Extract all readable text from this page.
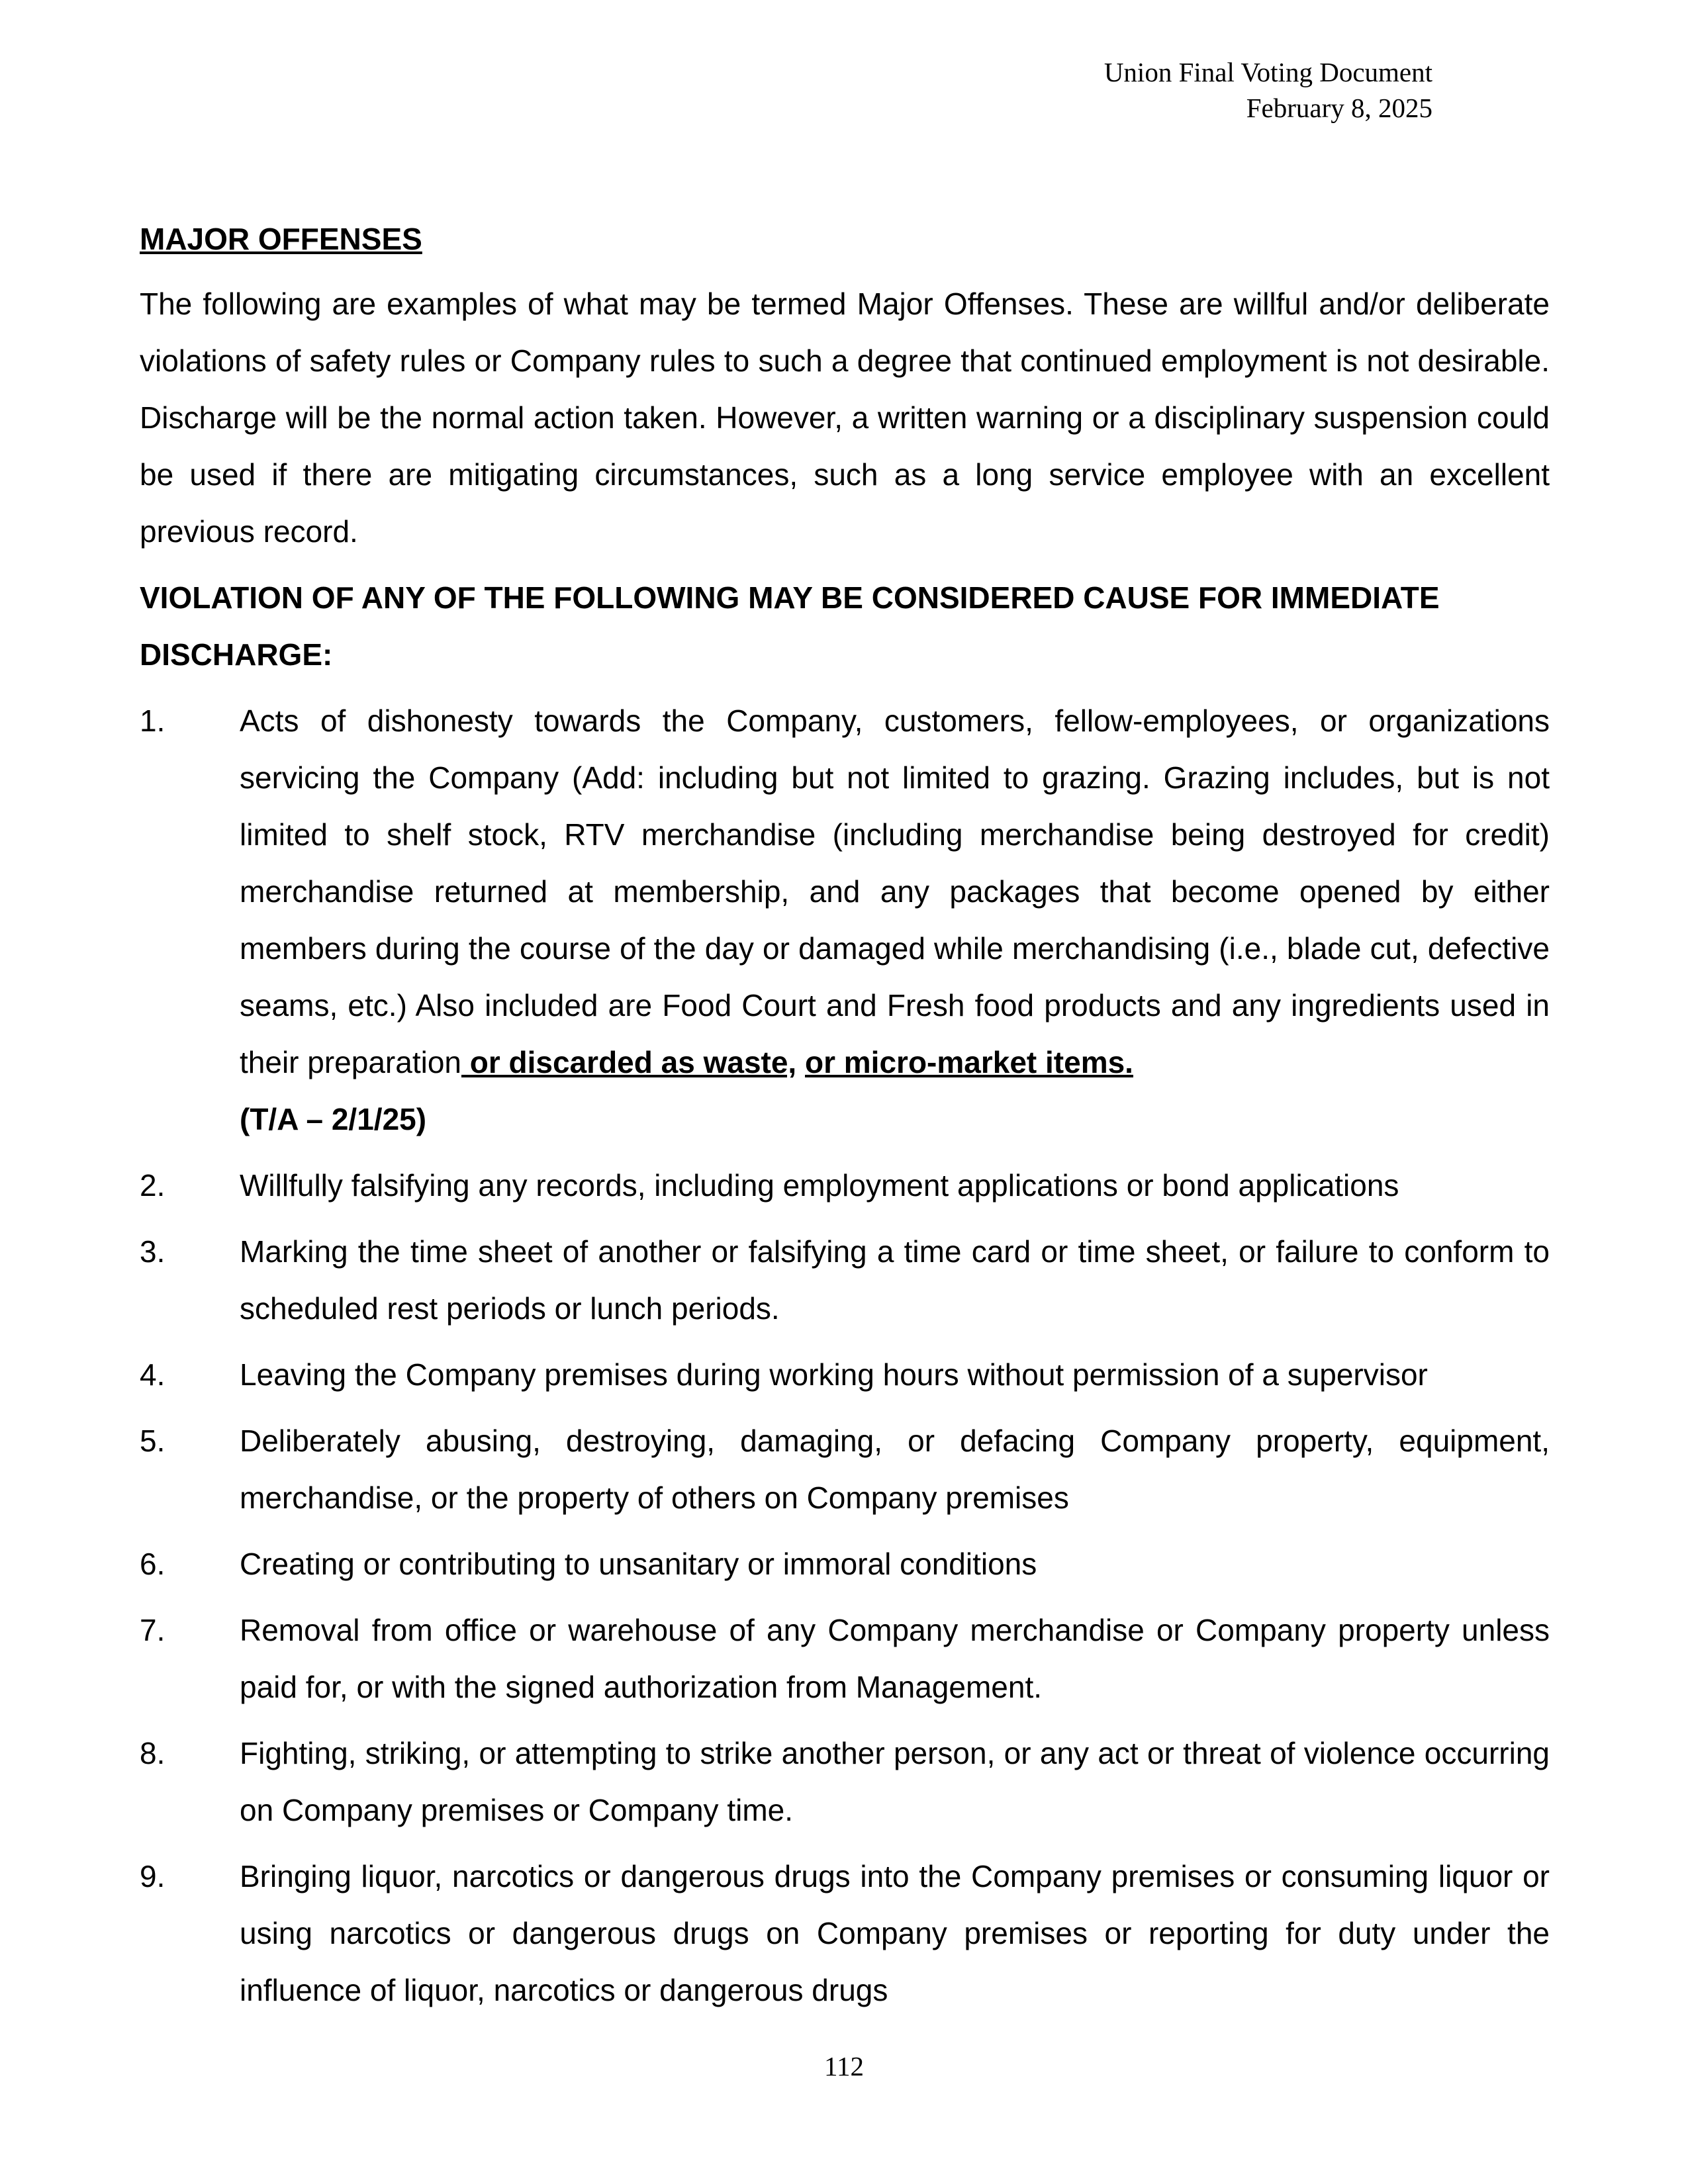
Union Final Voting Document
February 8, 2025
MAJOR OFFENSES
The following are examples of what may be termed Major Offenses. These are willful and/or deliberate violations of safety rules or Company rules to such a degree that continued employment is not desirable. Discharge will be the normal action taken. However, a written warning or a disciplinary suspension could be used if there are mitigating circumstances, such as a long service employee with an excellent previous record.
VIOLATION OF ANY OF THE FOLLOWING MAY BE CONSIDERED CAUSE FOR IMMEDIATE DISCHARGE:
1. Acts of dishonesty towards the Company, customers, fellow-employees, or organizations servicing the Company (Add: including but not limited to grazing. Grazing includes, but is not limited to shelf stock, RTV merchandise (including merchandise being destroyed for credit) merchandise returned at membership, and any packages that become opened by either members during the course of the day or damaged while merchandising (i.e., blade cut, defective seams, etc.) Also included are Food Court and Fresh food products and any ingredients used in their preparation or discarded as waste, or micro-market items.
(T/A – 2/1/25)
2. Willfully falsifying any records, including employment applications or bond applications
3. Marking the time sheet of another or falsifying a time card or time sheet, or failure to conform to scheduled rest periods or lunch periods.
4. Leaving the Company premises during working hours without permission of a supervisor
5. Deliberately abusing, destroying, damaging, or defacing Company property, equipment, merchandise, or the property of others on Company premises
6. Creating or contributing to unsanitary or immoral conditions
7. Removal from office or warehouse of any Company merchandise or Company property unless paid for, or with the signed authorization from Management.
8. Fighting, striking, or attempting to strike another person, or any act or threat of violence occurring on Company premises or Company time.
9. Bringing liquor, narcotics or dangerous drugs into the Company premises or consuming liquor or using narcotics or dangerous drugs on Company premises or reporting for duty under the influence of liquor, narcotics or dangerous drugs
112
